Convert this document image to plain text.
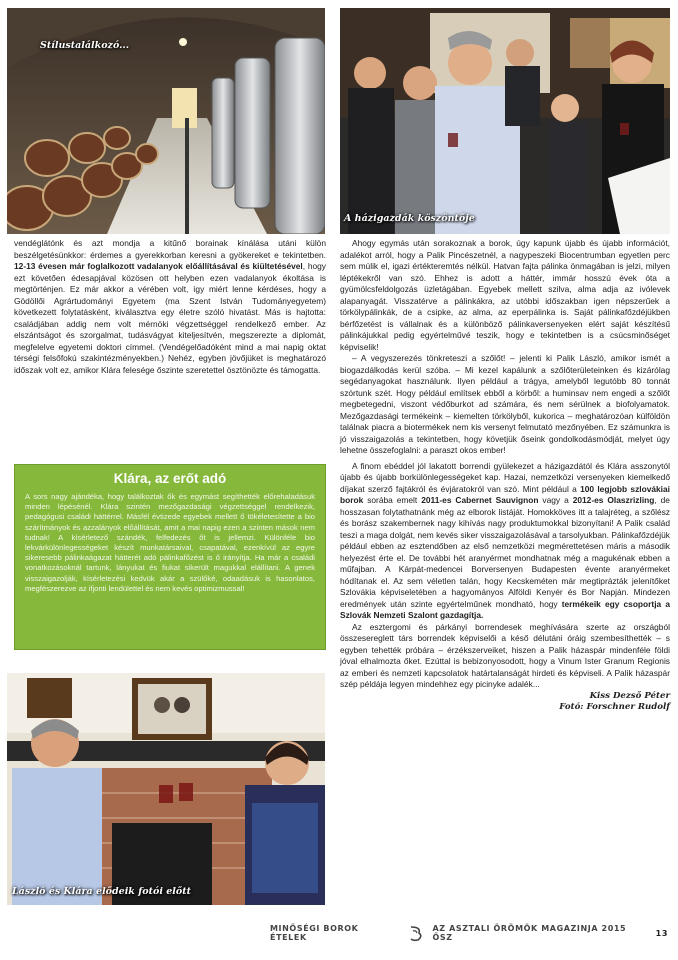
Stílustalálkozó...
A házigazdák köszöntője

vendéglátónk és azt mondja a kitűnő borainak kínálása utáni külön beszélgetésünkkor: érdemes a gyerekkorban keresni a gyökereket e tekintetben. 12-13 évesen már foglalkozott vadalanyok előállításával és kiültetésével, hogy ezt követően édesapjával közösen ott helyben ezen vadalanyok ékoltása is megtörténjen. Ez már akkor a vérében volt, így miért lenne kérdéses, hogy a Gödöllői Agrártudományi Egyetem (ma Szent István Tudományegyetem) következett folytatásként, kiválasztva egy életre szóló hivatást. Más is hajtotta: családjában addig nem volt mérnöki végzettséggel rendelkező ember. Az elszántságot és szorgalmat, tudásvágyat kiteljesítvén, megszerezte a diplomát, megfelelve egyetemi doktori címmel. (Vendégelőadóként mind a mai napig oktat térségi felsőfokú szakintézményekben.) Nehéz, egyben jövőjüket is meghatározó időszak volt ez, amikor Klára felesége őszinte szeretettel ösztönözte és támogatta.

Klára, az erőt adó
A sors nagy ajándéka, hogy találkoztak ők és egymást segíthették előrehaladásuk minden lépésénél. Klára szintén mezőgazdasági végzettséggel rendelkezik, pedagógusi családi háttérrel. Másfél évtizede egyebek mellett ő tökéletesítette a bio szárítmányok és azzalányok előállítását, amit a mai napig ezen a szinten mások nem tudnak! A kísérletező szándék, felfedezés őt is jellemzi. Különféle bio lekvárkülönlegességeket készít munkatársaival, csapatával, ezenkívül az egyre sikeresebb pálinkaágazat hátterét adó pálinkafőzést is ő irányítja. Ha már a családi vonatkozásoknál tartunk, lányukat és fiukat sikerült magukkal elállítani. A genek visszaigazolják, kísérletezési kedvük akár a szülőké, odaadásuk is hasonlatos, megfészerezve az ifjonti lendülettel és nem kevés optimizmussal!
László és Klára elődeik fotói előtt

Ahogy egymás után sorakoznak a borok, úgy kapunk újabb és újabb információt, adalékot arról, hogy a Palik Pincészetnél, a nagypeszeki Biocentrumban egyetlen perc sem múlik el, igazi értékteremtés nélkül. Hatvan fajta pálinka önmagában is jelzi, milyen léptékekről van szó. Ehhez is adott a háttér, immár hosszú évek óta a gyümölcsfeldolgozás üzletágában. Egyebek mellett szilva, alma adja az ivólevek alapanyagát. Visszatérve a pálinkákra, az utóbbi időszakban igen népszerűek a törkölypálinkák, de a csipke, az alma, az eperpálinka is. Saját pálinkafőzdéjükben bérfőzetést is vállalnak és a különböző pálinkaversenyeken elért saját készítésű pálinkájukkal pedig egyértelművé teszik, hogy e tekintetben is a csúcsminőséget képviselik!

– A vegyszerezés tönkreteszi a szőlőt! – jelenti ki Palik László, amikor ismét a biogazdálkodás kerül szóba. – Mi kezel kapálunk a szőlőterületeinken és kizárólag segédanyagokat használunk. Ilyen például a trágya, amelyből legutóbb 80 tonnát szórtunk szét. Hogy például említsek ebből a körből: a huminsav nem engedi a szőlőt megbetegedni, viszont védőburkot ad számára, és nem sérülnek a biofolyamatok. Mezőgazdasági termékeink – kiemelten törkölyből, kukorica – meghatározóan külföldön találnak piacra a biotermékek nem kis versenyt felmutató mezőnyében. Ez számunkra is jó visszaigazolás a tekintetben, hogy követjük őseink gondolkodásmódját, melyet úgy lehetne összefoglalni: a paraszt okos ember!

A finom ebéddel jól lakatott borrendi gyülekezet a házigazdától és Klára asszonytól újabb és újabb borkülönlegességeket kap. Hazai, nemzetközi versenyeken kiemelkedő díjakat szerző fajtákról és évjáratokról van szó. Mint például a 100 legjobb szlovákiai borok sorába emelt 2011-es Cabernet Sauvignon vagy a 2012-es Olaszrizling, de hosszasan folytathatnánk még az elborok listáját. Homokköves itt a talajréteg, a szőlész és borász szakembernek nagy kihívás nagy produktumokkal bizonyítani! A Palik család teszi a maga dolgát, nem kevés siker visszaigazolásával a tarsolyukban. Pálinkafőzdéjük például ebben az esztendőben az első nemzetközi megmérettetésen máris a második helyezést érte el. De további hét aranyérmet mondhatnak még a magukénak ebben a műfajban. A Kárpát-medencei Borversenyen Budapesten évente aranyérmeket hódítanak el. Az sem véletlen talán, hogy Kecskeméten már megtiprázták jelenítőket Szlovákia képviseletében a hagyományos Alföldi Kenyér és Bor Napján. Mindezen eredmények után szinte egyértelműnek mondható, hogy termékeik egy csoportja a Szlovák Nemzeti Szalont gazdagítja.

Az esztergomi és párkányi borrendesek meghívására szerte az országból összesereglett társ borrendek képviselői a késő délutáni óráig szembesíthették – s egyben tehették próbára – érzékszerveiket, hiszen a Palik házaspár mindenféle földi jóval elhalmozta őket. Ezúttal is bebizonyosodott, hogy a Vinum Ister Granum Regionis az emberi és nemzeti kapcsolatok határtalanságát hirdeti és képviseli. A Palik házaspár szép példája legyen mindehhez egy picinyke adalék...

Kiss Dezső Péter
Fotó: Forschner Rudolf
MINŐSÉGI BOROK ÉTELEK
AZ ASZTALI ÖRÖMÖK MAGAZINJA 2015 ŐSZ	13
